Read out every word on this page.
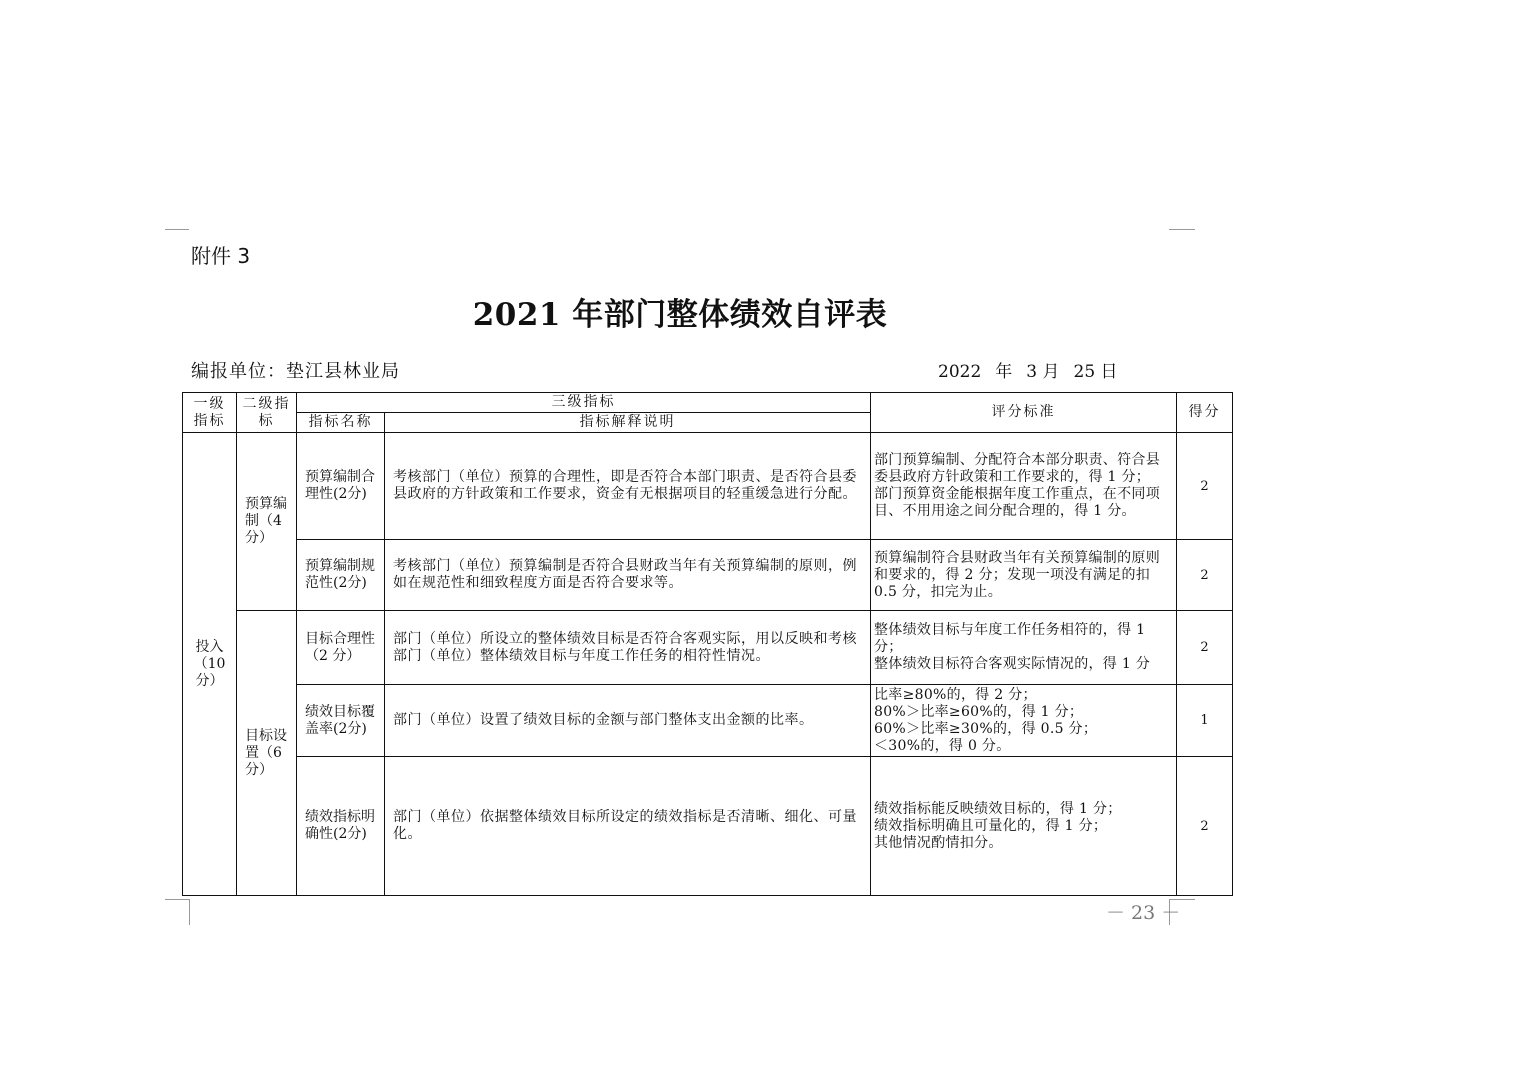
附件 3
2021 年部门整体绩效自评表
编报单位：垫江县林业局	2022 年 3 月 25 日
一级指标	二级指标	三级指标		评分标准	得分
		指标名称	指标解释说明		
投入（10分）	预算编制（4分）	预算编制合理性(2分)	考核部门（单位）预算的合理性，即是否符合本部门职责、是否符合县委县政府的方针政策和工作要求，资金有无根据项目的轻重缓急进行分配。	部门预算编制、分配符合本部分职责、符合县委县政府方针政策和工作要求的，得 1 分；
部门预算资金能根据年度工作重点，在不同项目、不用用途之间分配合理的，得 1 分。	2
		预算编制规范性(2分)	考核部门（单位）预算编制是否符合县财政当年有关预算编制的原则，例如在规范性和细致程度方面是否符合要求等。	预算编制符合县财政当年有关预算编制的原则和要求的，得 2 分；发现一项没有满足的扣 0.5 分，扣完为止。	2
	目标设置（6分）	目标合理性（2 分）	部门（单位）所设立的整体绩效目标是否符合客观实际，用以反映和考核部门（单位）整体绩效目标与年度工作任务的相符性情况。	整体绩效目标与年度工作任务相符的，得 1 分；
整体绩效目标符合客观实际情况的，得 1 分	2
		绩效目标覆盖率(2分)	部门（单位）设置了绩效目标的金额与部门整体支出金额的比率。	比率≥80%的，得 2 分；
80%＞比率≥60%的，得 1 分；
60%＞比率≥30%的，得 0.5 分；
＜30%的，得 0 分。	1
		绩效指标明确性(2分)	部门（单位）依据整体绩效目标所设定的绩效指标是否清晰、细化、可量化。	绩效指标能反映绩效目标的，得 1 分；
绩效指标明确且可量化的，得 1 分；
其他情况酌情扣分。	2
－ 23 －
